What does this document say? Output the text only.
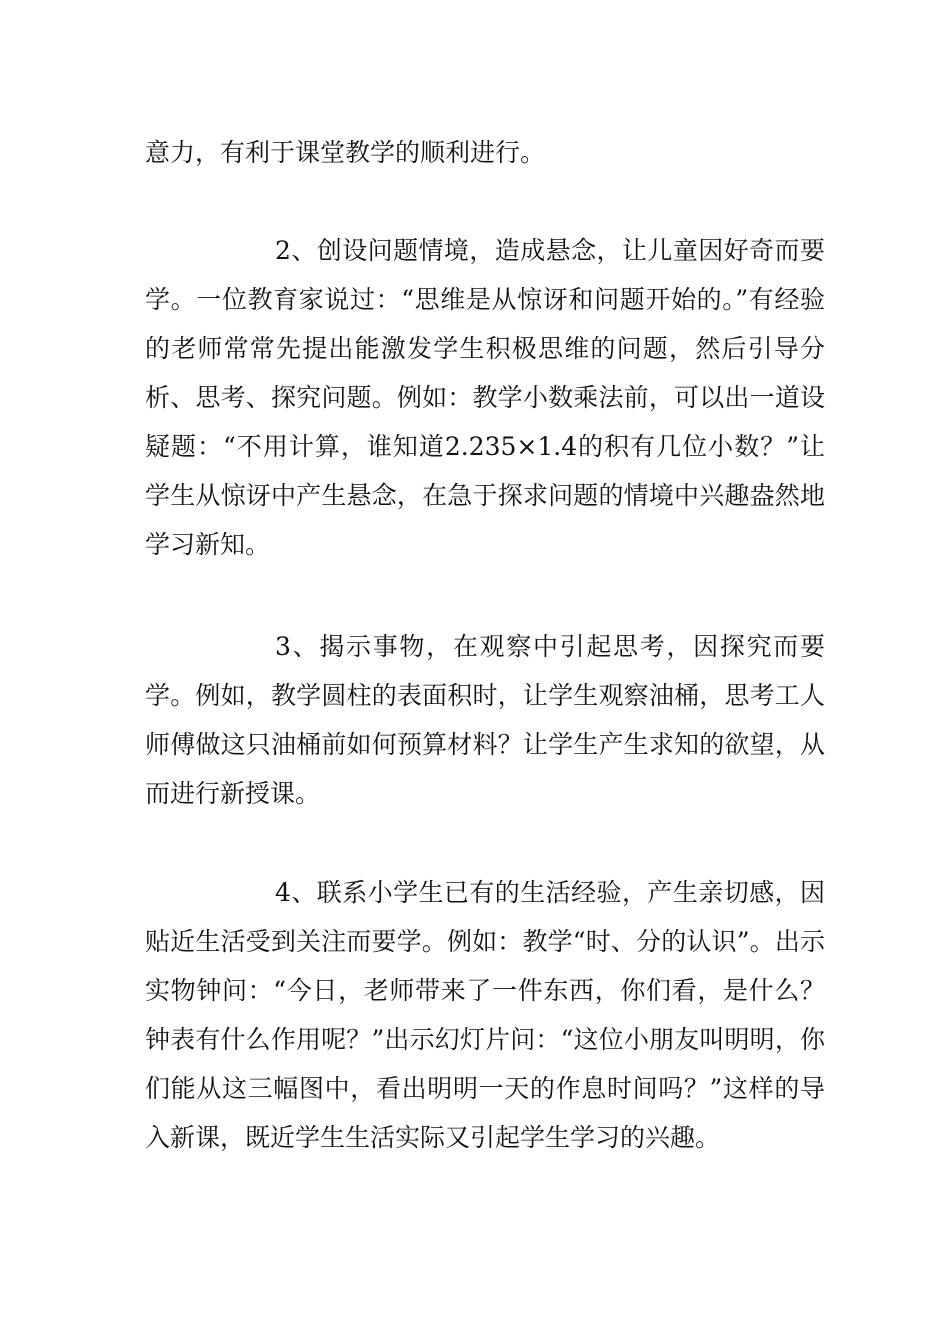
意力，有利于课堂教学的顺利进行。

2、创设问题情境，造成悬念，让儿童因好奇而要学。一位教育家说过：“思维是从惊讶和问题开始的。”有经验的老师常常先提出能激发学生积极思维的问题，然后引导分析、思考、探究问题。例如：教学小数乘法前，可以出一道设疑题：“不用计算，谁知道2.235×1.4的积有几位小数？”让学生从惊讶中产生悬念，在急于探求问题的情境中兴趣盎然地学习新知。

3、揭示事物，在观察中引起思考，因探究而要学。例如，教学圆柱的表面积时，让学生观察油桶，思考工人师傅做这只油桶前如何预算材料？让学生产生求知的欲望，从而进行新授课。

4、联系小学生已有的生活经验，产生亲切感，因贴近生活受到关注而要学。例如：教学“时、分的认识”。出示实物钟问：“今日，老师带来了一件东西，你们看，是什么？钟表有什么作用呢？”出示幻灯片问：“这位小朋友叫明明，你们能从这三幅图中，看出明明一天的作息时间吗？”这样的导入新课，既近学生生活实际又引起学生学习的兴趣。
